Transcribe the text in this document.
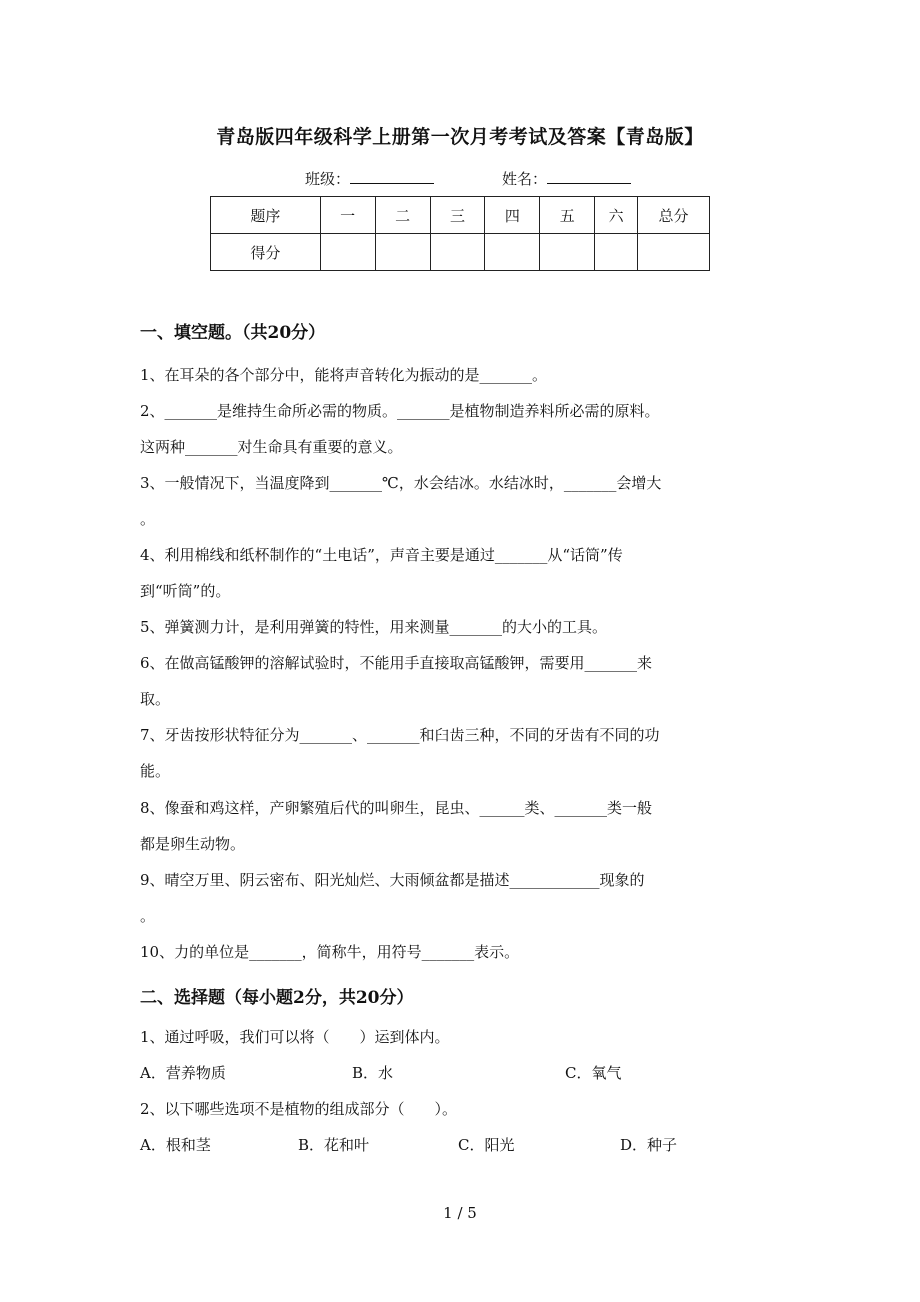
青岛版四年级科学上册第一次月考考试及答案【青岛版】
班级：	姓名：
题序	一	二	三	四	五	六	总分
得分							
一、填空题。（共20分）
1、在耳朵的各个部分中，能将声音转化为振动的是_______。
2、_______是维持生命所必需的物质。_______是植物制造养料所必需的原料。
这两种_______对生命具有重要的意义。
3、一般情况下，当温度降到_______℃，水会结冰。水结冰时，_______会增大
。
4、利用棉线和纸杯制作的“土电话”，声音主要是通过_______从“话筒”传
到“听筒”的。
5、弹簧测力计，是利用弹簧的特性，用来测量_______的大小的工具。
6、在做高锰酸钾的溶解试验时，不能用手直接取高锰酸钾，需要用_______来
取。
7、牙齿按形状特征分为_______、_______和臼齿三种，不同的牙齿有不同的功
能。
8、像蚕和鸡这样，产卵繁殖后代的叫卵生，昆虫、______类、_______类一般
都是卵生动物。
9、晴空万里、阴云密布、阳光灿烂、大雨倾盆都是描述____________现象的
。
10、力的单位是_______，简称牛，用符号_______表示。
二、选择题（每小题2分，共20分）
1、通过呼吸，我们可以将（　　）运到体内。
A．营养物质	B．水	C．氧气
2、以下哪些选项不是植物的组成部分（　　）。
A．根和茎	B．花和叶	C．阳光	D．种子
1 / 5
